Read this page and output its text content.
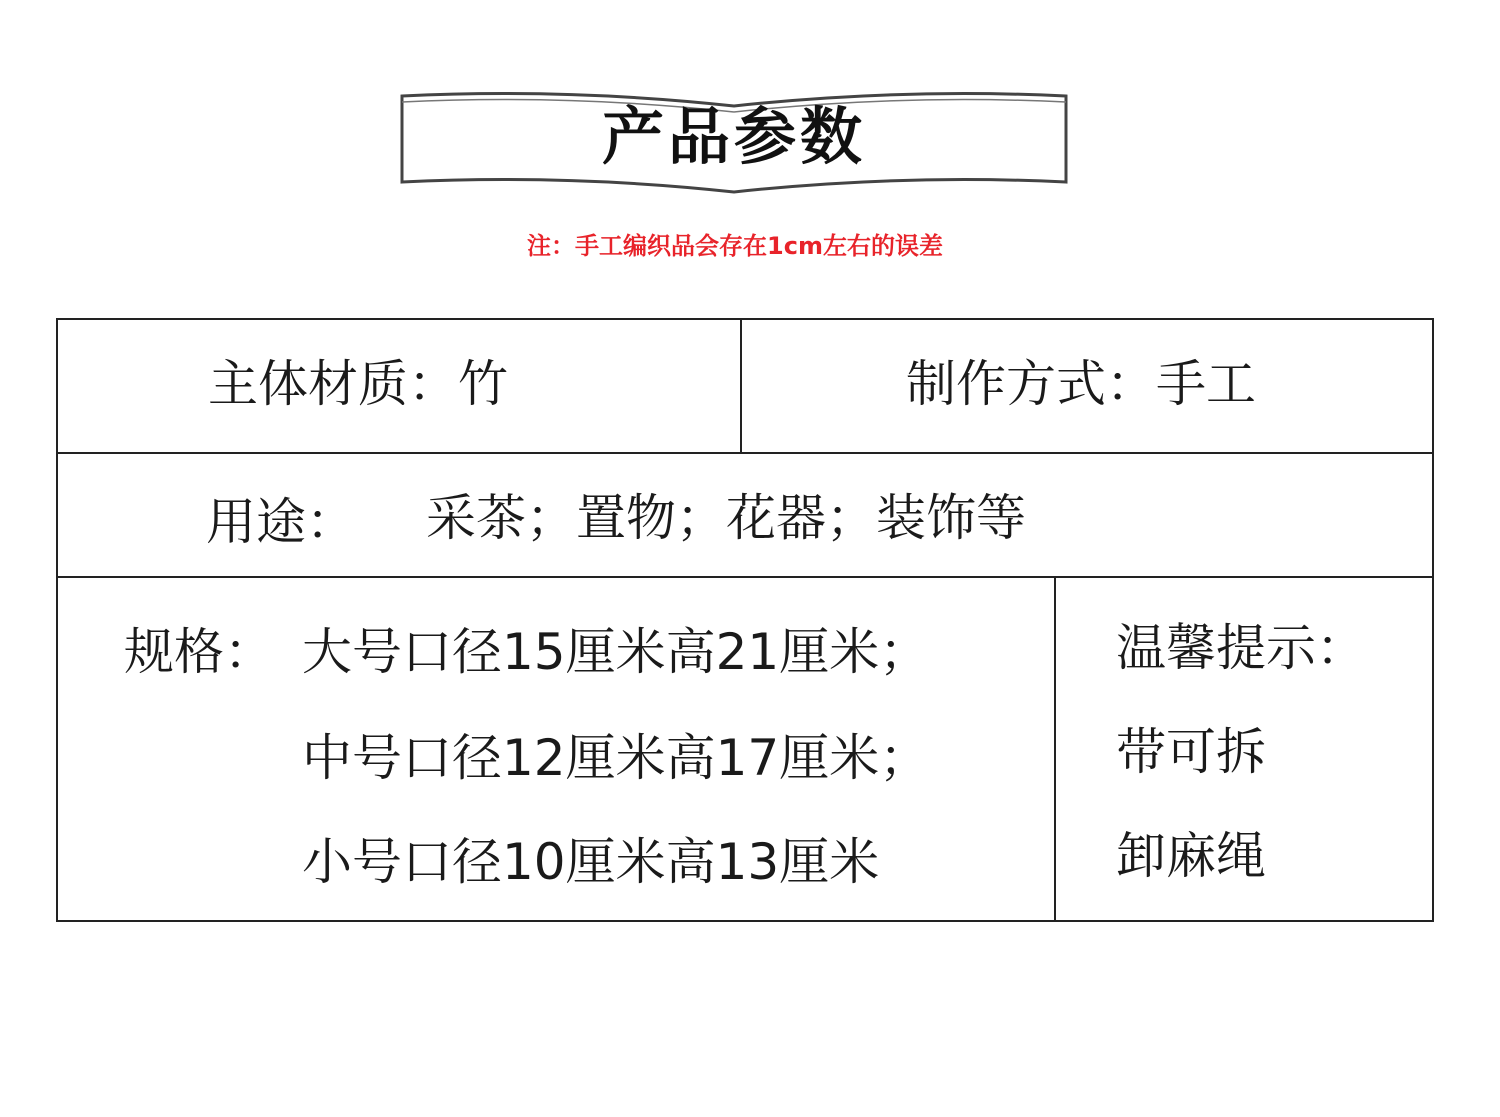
产品参数
注：手工编织品会存在1cm左右的误差
主体材质：竹	制作方式：手工
用途： 采茶；置物；花器；装饰等
规格： 大号口径15厘米高21厘米；
中号口径12厘米高17厘米；
小号口径10厘米高13厘米
温馨提示：
带可拆
卸麻绳
